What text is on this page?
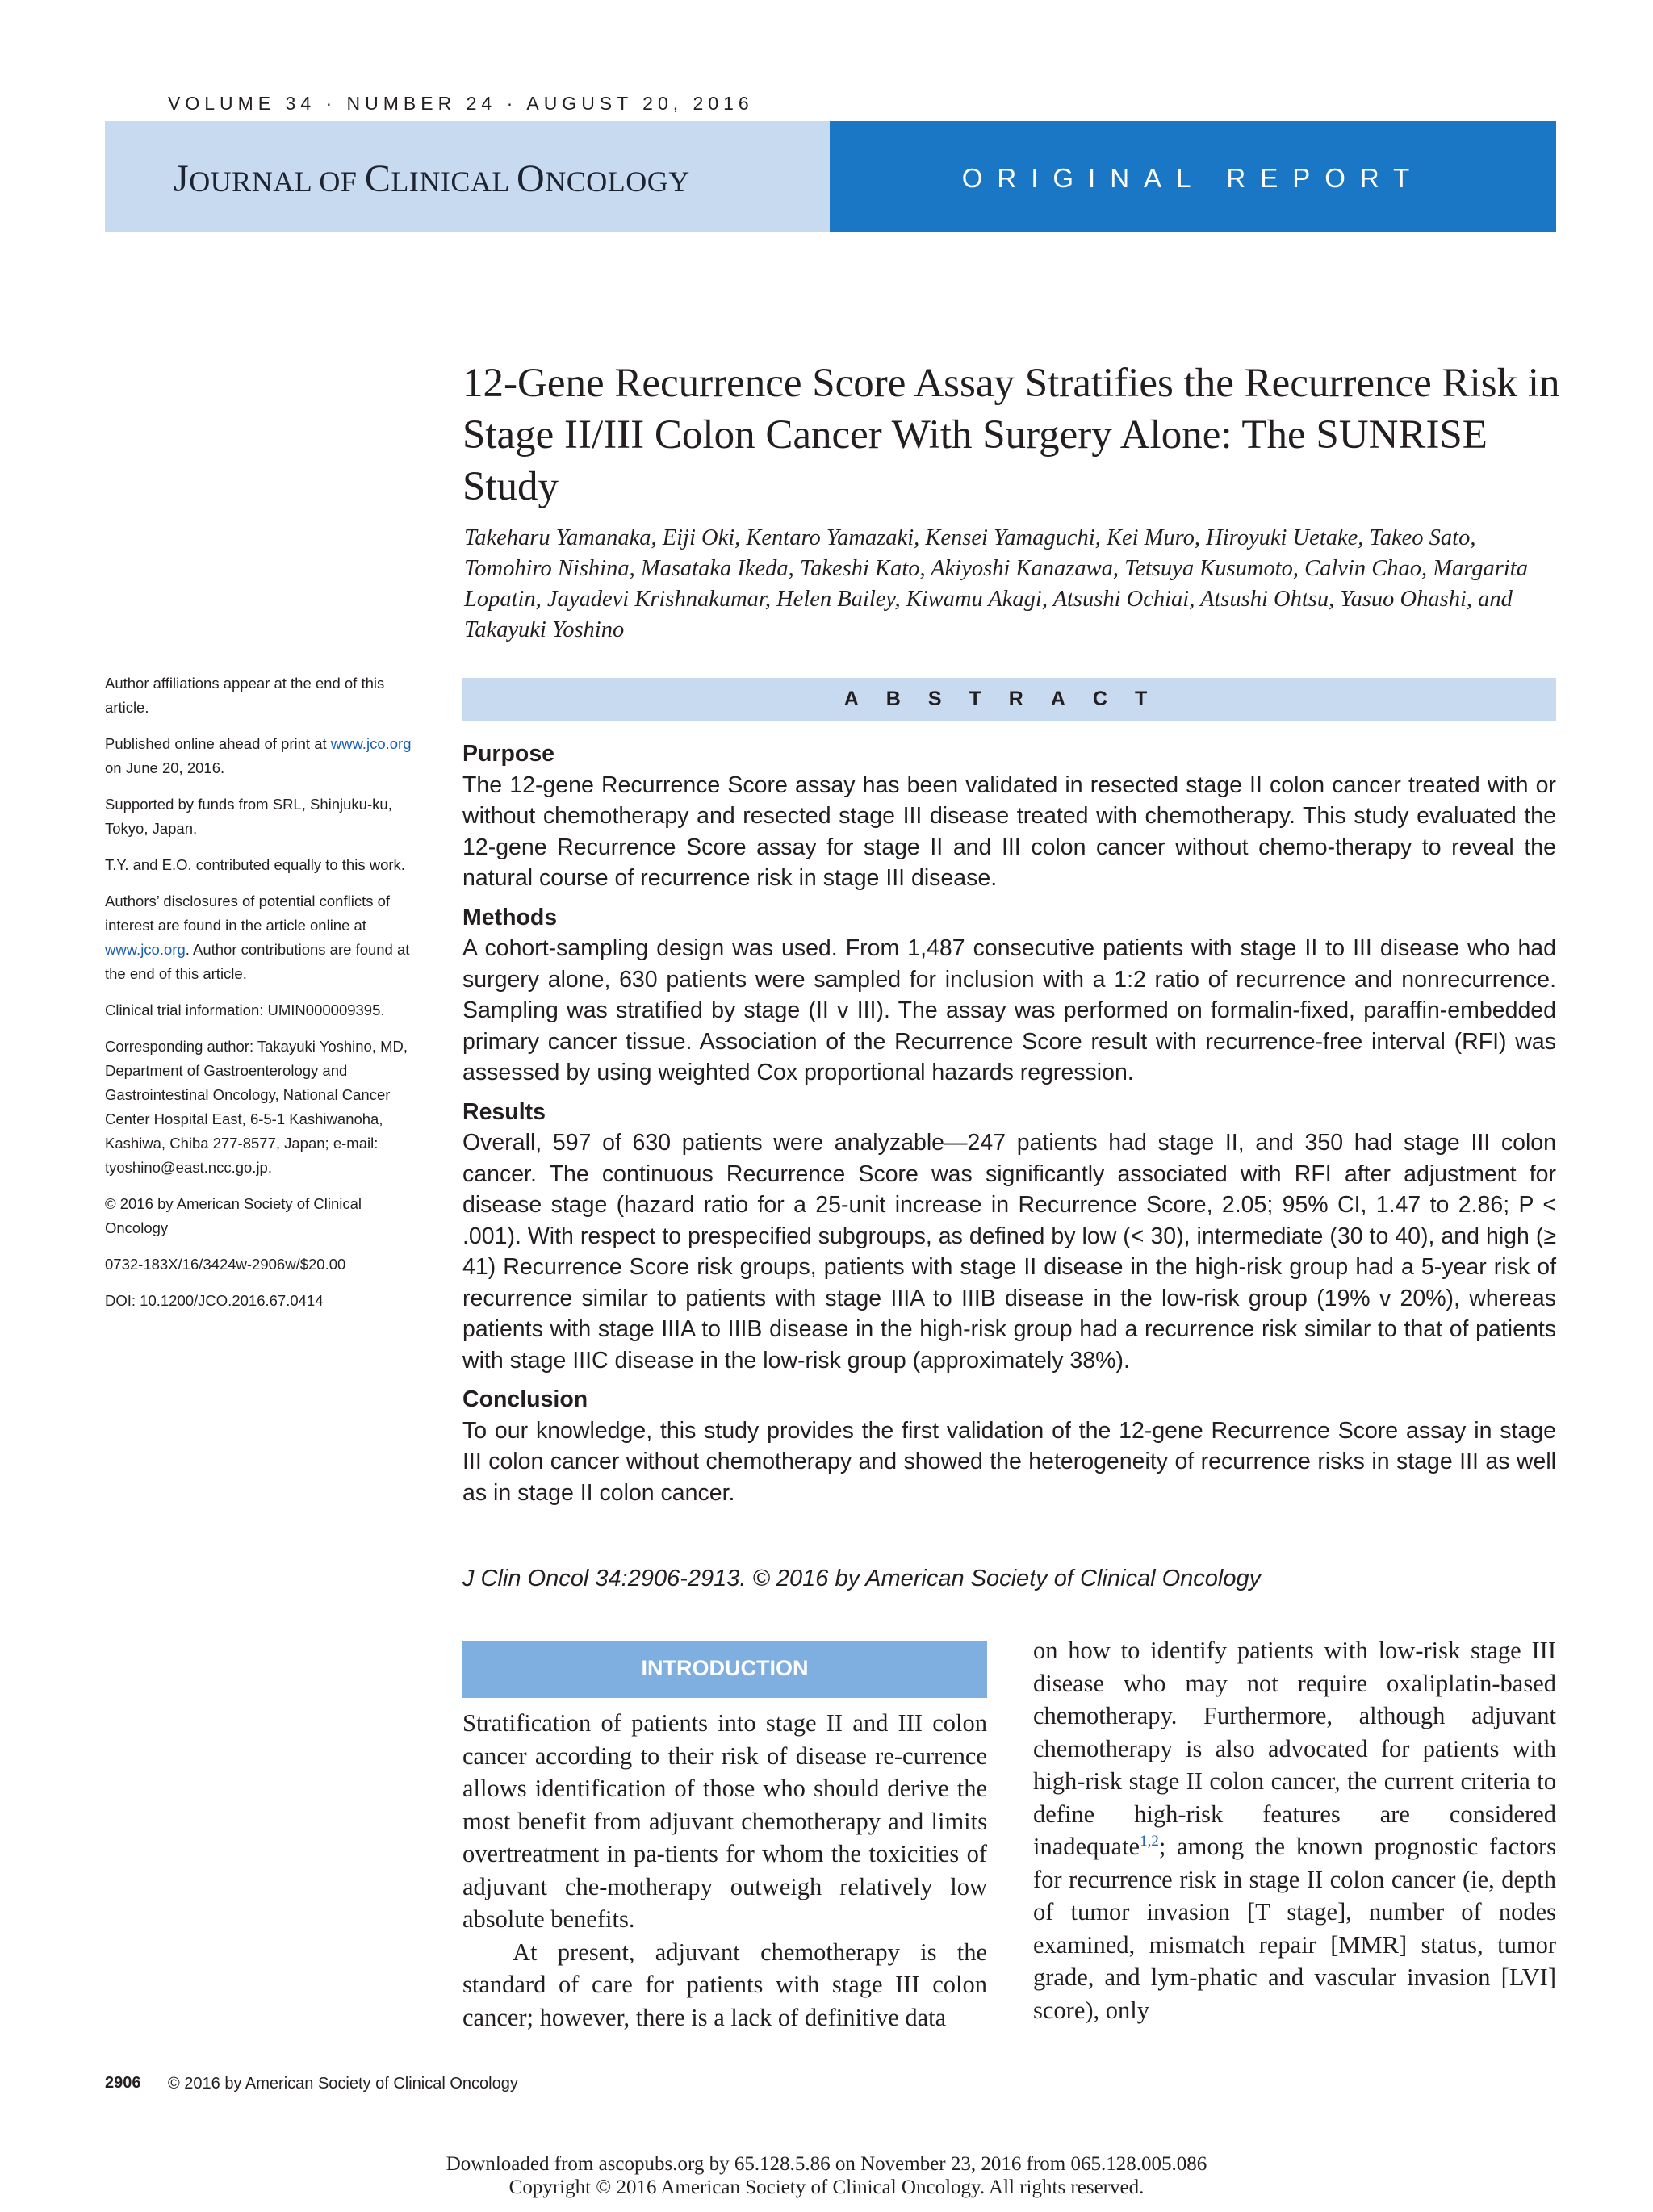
VOLUME 34 · NUMBER 24 · AUGUST 20, 2016
JOURNAL OF CLINICAL ONCOLOGY	ORIGINAL REPORT
12-Gene Recurrence Score Assay Stratifies the Recurrence Risk in Stage II/III Colon Cancer With Surgery Alone: The SUNRISE Study
Takeharu Yamanaka, Eiji Oki, Kentaro Yamazaki, Kensei Yamaguchi, Kei Muro, Hiroyuki Uetake, Takeo Sato, Tomohiro Nishina, Masataka Ikeda, Takeshi Kato, Akiyoshi Kanazawa, Tetsuya Kusumoto, Calvin Chao, Margarita Lopatin, Jayadevi Krishnakumar, Helen Bailey, Kiwamu Akagi, Atsushi Ochiai, Atsushi Ohtsu, Yasuo Ohashi, and Takayuki Yoshino

Author affiliations appear at the end of this article.

Published online ahead of print at www.jco.org on June 20, 2016.

Supported by funds from SRL, Shinjuku-ku, Tokyo, Japan.

T.Y. and E.O. contributed equally to this work.

Authors’ disclosures of potential conflicts of interest are found in the article online at www.jco.org. Author contributions are found at the end of this article.

Clinical trial information: UMIN000009395.

Corresponding author: Takayuki Yoshino, MD, Department of Gastroenterology and Gastrointestinal Oncology, National Cancer Center Hospital East, 6-5-1 Kashiwanoha, Kashiwa, Chiba 277-8577, Japan; e-mail: tyoshino@east.ncc.go.jp.

© 2016 by American Society of Clinical Oncology

0732-183X/16/3424w-2906w/$20.00

DOI: 10.1200/JCO.2016.67.0414

ABSTRACT

Purpose

The 12-gene Recurrence Score assay has been validated in resected stage II colon cancer treated with or without chemotherapy and resected stage III disease treated with chemotherapy. This study evaluated the 12-gene Recurrence Score assay for stage II and III colon cancer without chemo-therapy to reveal the natural course of recurrence risk in stage III disease.

Methods

A cohort-sampling design was used. From 1,487 consecutive patients with stage II to III disease who had surgery alone, 630 patients were sampled for inclusion with a 1:2 ratio of recurrence and nonrecurrence. Sampling was stratified by stage (II v III). The assay was performed on formalin-fixed, paraffin-embedded primary cancer tissue. Association of the Recurrence Score result with recurrence-free interval (RFI) was assessed by using weighted Cox proportional hazards regression.

Results

Overall, 597 of 630 patients were analyzable—247 patients had stage II, and 350 had stage III colon cancer. The continuous Recurrence Score was significantly associated with RFI after adjustment for disease stage (hazard ratio for a 25-unit increase in Recurrence Score, 2.05; 95% CI, 1.47 to 2.86; P < .001). With respect to prespecified subgroups, as defined by low (< 30), intermediate (30 to 40), and high (≥ 41) Recurrence Score risk groups, patients with stage II disease in the high-risk group had a 5-year risk of recurrence similar to patients with stage IIIA to IIIB disease in the low-risk group (19% v 20%), whereas patients with stage IIIA to IIIB disease in the high-risk group had a recurrence risk similar to that of patients with stage IIIC disease in the low-risk group (approximately 38%).

Conclusion

To our knowledge, this study provides the first validation of the 12-gene Recurrence Score assay in stage III colon cancer without chemotherapy and showed the heterogeneity of recurrence risks in stage III as well as in stage II colon cancer.

J Clin Oncol 34:2906-2913. © 2016 by American Society of Clinical Oncology
INTRODUCTION

Stratification of patients into stage II and III colon cancer according to their risk of disease re-currence allows identification of those who should derive the most benefit from adjuvant chemotherapy and limits overtreatment in pa-tients for whom the toxicities of adjuvant che-motherapy outweigh relatively low absolute benefits.

At present, adjuvant chemotherapy is the standard of care for patients with stage III colon cancer; however, there is a lack of definitive data

on how to identify patients with low-risk stage III disease who may not require oxaliplatin-based chemotherapy. Furthermore, although adjuvant chemotherapy is also advocated for patients with high-risk stage II colon cancer, the current criteria to define high-risk features are considered inadequate$^{1,2}$; among the known prognostic factors for recurrence risk in stage II colon cancer (ie, depth of tumor invasion [T stage], number of nodes examined, mismatch repair [MMR] status, tumor grade, and lym-phatic and vascular invasion [LVI] score), only

2906 © 2016 by American Society of Clinical Oncology
Downloaded from ascopubs.org by 65.128.5.86 on November 23, 2016 from 065.128.005.086
Copyright © 2016 American Society of Clinical Oncology. All rights reserved.
